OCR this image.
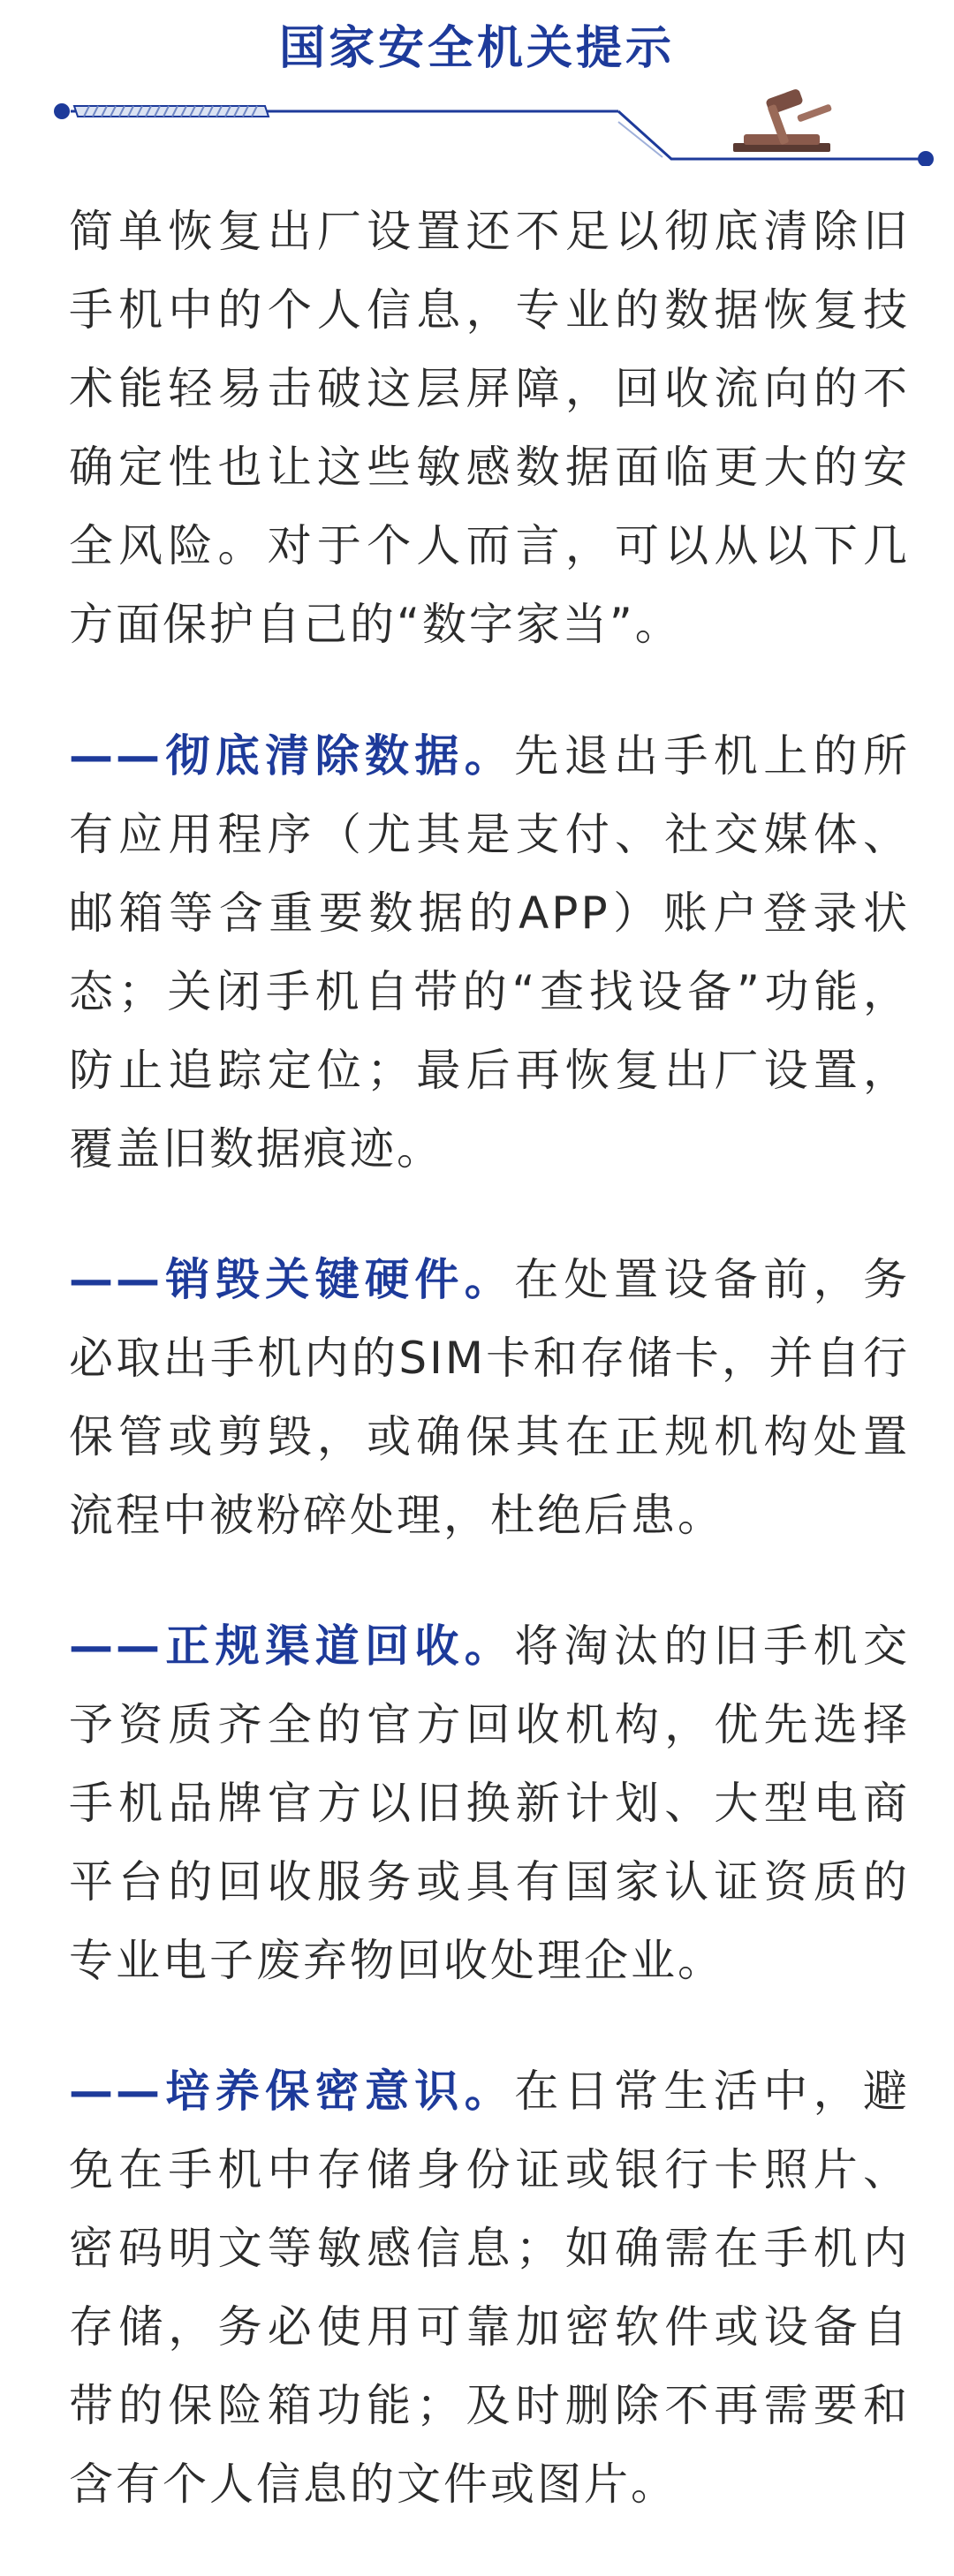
国家安全机关提示

简单恢复出厂设置还不足以彻底清除旧手机中的个人信息，专业的数据恢复技术能轻易击破这层屏障，回收流向的不确定性也让这些敏感数据面临更大的安全风险。对于个人而言，可以从以下几方面保护自己的“数字家当”。

——彻底清除数据。先退出手机上的所有应用程序（尤其是支付、社交媒体、邮箱等含重要数据的APP）账户登录状态；关闭手机自带的“查找设备”功能，防止追踪定位；最后再恢复出厂设置，覆盖旧数据痕迹。

——销毁关键硬件。在处置设备前，务必取出手机内的SIM卡和存储卡，并自行保管或剪毁，或确保其在正规机构处置流程中被粉碎处理，杜绝后患。

——正规渠道回收。将淘汰的旧手机交予资质齐全的官方回收机构，优先选择手机品牌官方以旧换新计划、大型电商平台的回收服务或具有国家认证资质的专业电子废弃物回收处理企业。

——培养保密意识。在日常生活中，避免在手机中存储身份证或银行卡照片、密码明文等敏感信息；如确需在手机内存储，务必使用可靠加密软件或设备自带的保险箱功能；及时删除不再需要和含有个人信息的文件或图片。
